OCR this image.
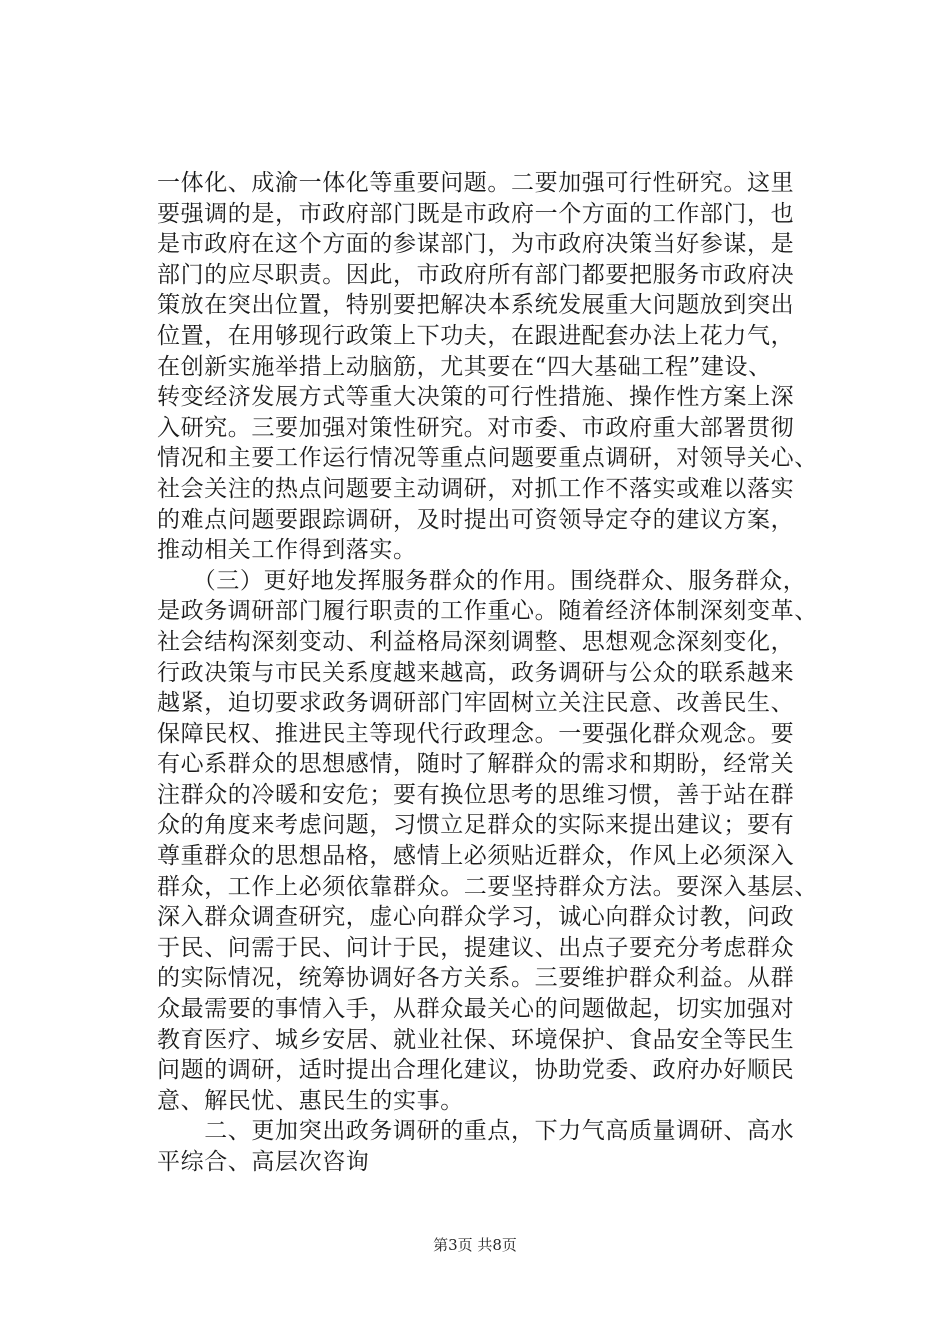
一体化、成渝一体化等重要问题。二要加强可行性研究。这里
要强调的是，市政府部门既是市政府一个方面的工作部门，也
是市政府在这个方面的参谋部门，为市政府决策当好参谋，是
部门的应尽职责。因此，市政府所有部门都要把服务市政府决
策放在突出位置，特别要把解决本系统发展重大问题放到突出
位置，在用够现行政策上下功夫，在跟进配套办法上花力气，
在创新实施举措上动脑筋，尤其要在“四大基础工程”建设、
转变经济发展方式等重大决策的可行性措施、操作性方案上深
入研究。三要加强对策性研究。对市委、市政府重大部署贯彻
情况和主要工作运行情况等重点问题要重点调研，对领导关心、
社会关注的热点问题要主动调研，对抓工作不落实或难以落实
的难点问题要跟踪调研，及时提出可资领导定夺的建议方案，
推动相关工作得到落实。
　　（三）更好地发挥服务群众的作用。围绕群众、服务群众，
是政务调研部门履行职责的工作重心。随着经济体制深刻变革、
社会结构深刻变动、利益格局深刻调整、思想观念深刻变化，
行政决策与市民关系度越来越高，政务调研与公众的联系越来
越紧，迫切要求政务调研部门牢固树立关注民意、改善民生、
保障民权、推进民主等现代行政理念。一要强化群众观念。要
有心系群众的思想感情，随时了解群众的需求和期盼，经常关
注群众的冷暖和安危；要有换位思考的思维习惯，善于站在群
众的角度来考虑问题，习惯立足群众的实际来提出建议；要有
尊重群众的思想品格，感情上必须贴近群众，作风上必须深入
群众，工作上必须依靠群众。二要坚持群众方法。要深入基层、
深入群众调查研究，虚心向群众学习，诚心向群众讨教，问政
于民、问需于民、问计于民，提建议、出点子要充分考虑群众
的实际情况，统筹协调好各方关系。三要维护群众利益。从群
众最需要的事情入手，从群众最关心的问题做起，切实加强对
教育医疗、城乡安居、就业社保、环境保护、食品安全等民生
问题的调研，适时提出合理化建议，协助党委、政府办好顺民
意、解民忧、惠民生的实事。
　　二、更加突出政务调研的重点，下力气高质量调研、高水
平综合、高层次咨询
第3页 共8页
